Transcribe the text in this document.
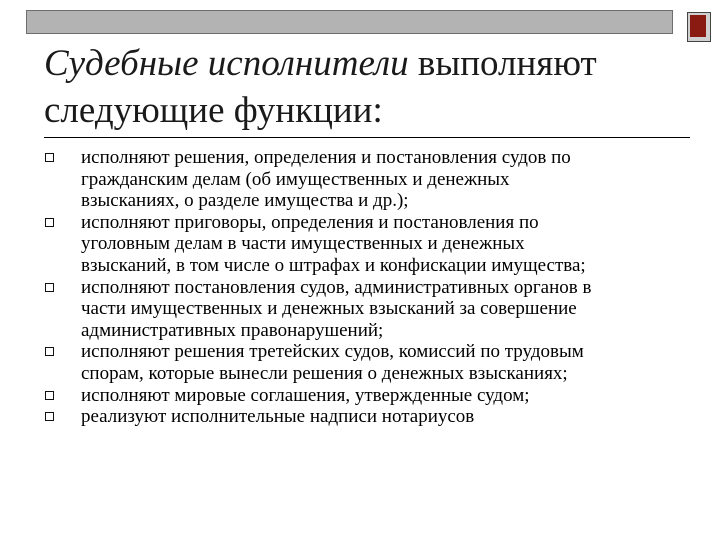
Судебные исполнители выполняют
следующие функции:
исполняют решения, определения и постановления судов по
гражданским делам (об имущественных и денежных
взысканиях, о разделе имущества и др.);
исполняют приговоры, определения и постановления по
уголовным делам в части имущественных и денежных
взысканий, в том числе о штрафах и конфискации имущества;
исполняют постановления судов, административных органов в
части имущественных и денежных взысканий за совершение
административных правонарушений;
исполняют решения третейских судов, комиссий по трудовым
спорам, которые вынесли решения о денежных взысканиях;
исполняют мировые соглашения, утвержденные судом;
реализуют исполнительные надписи нотариусов
